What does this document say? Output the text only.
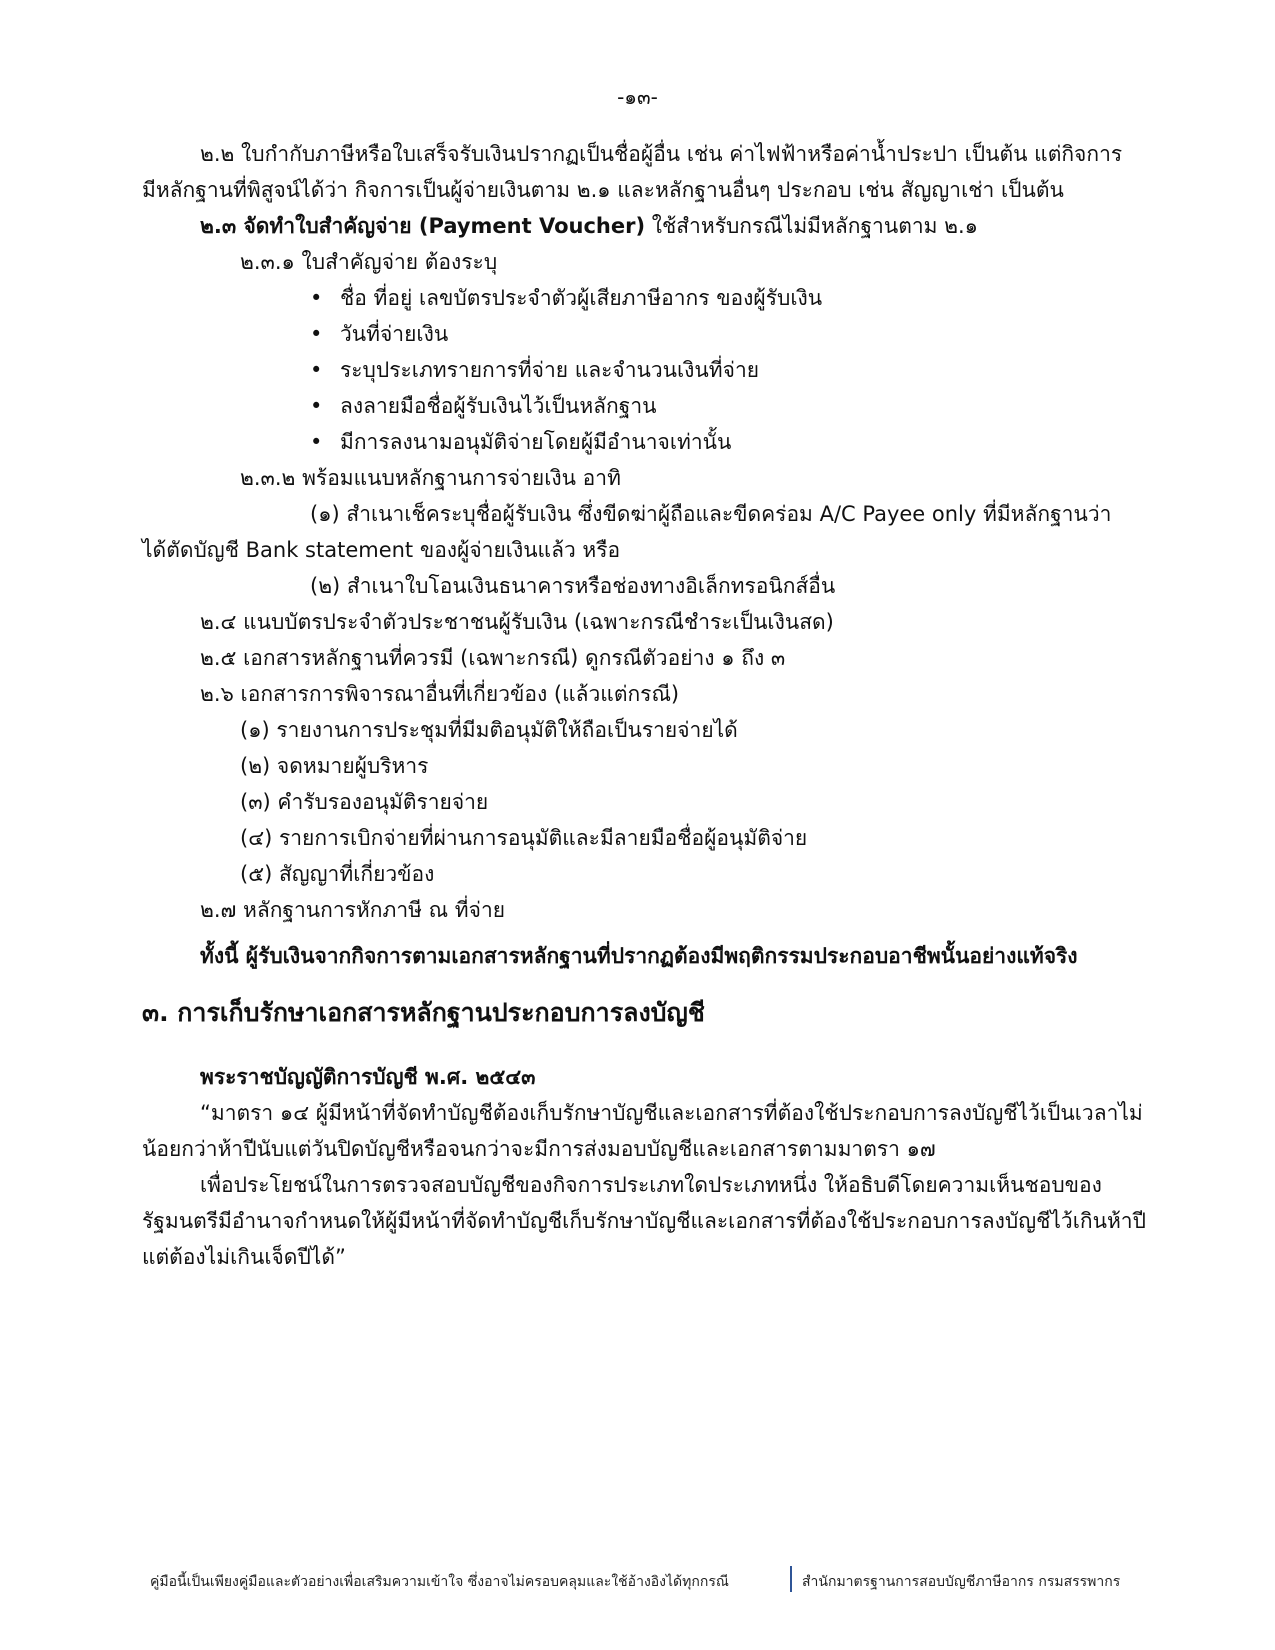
-๑๓-
๒.๒ ใบกำกับภาษีหรือใบเสร็จรับเงินปรากฏเป็นชื่อผู้อื่น เช่น ค่าไฟฟ้าหรือค่าน้ำประปา เป็นต้น แต่กิจการ
มีหลักฐานที่พิสูจน์ได้ว่า กิจการเป็นผู้จ่ายเงินตาม ๒.๑ และหลักฐานอื่นๆ ประกอบ เช่น สัญญาเช่า เป็นต้น
๒.๓ จัดทำใบสำคัญจ่าย (Payment Voucher) ใช้สำหรับกรณีไม่มีหลักฐานตาม ๒.๑
๒.๓.๑ ใบสำคัญจ่าย ต้องระบุ
• ชื่อ ที่อยู่ เลขบัตรประจำตัวผู้เสียภาษีอากร ของผู้รับเงิน
• วันที่จ่ายเงิน
• ระบุประเภทรายการที่จ่าย และจำนวนเงินที่จ่าย
• ลงลายมือชื่อผู้รับเงินไว้เป็นหลักฐาน
• มีการลงนามอนุมัติจ่ายโดยผู้มีอำนาจเท่านั้น
๒.๓.๒ พร้อมแนบหลักฐานการจ่ายเงิน อาทิ
(๑) สำเนาเช็คระบุชื่อผู้รับเงิน ซึ่งขีดฆ่าผู้ถือและขีดคร่อม A/C Payee only ที่มีหลักฐานว่า
ได้ตัดบัญชี Bank statement ของผู้จ่ายเงินแล้ว หรือ
(๒) สำเนาใบโอนเงินธนาคารหรือช่องทางอิเล็กทรอนิกส์อื่น
๒.๔ แนบบัตรประจำตัวประชาชนผู้รับเงิน (เฉพาะกรณีชำระเป็นเงินสด)
๒.๕ เอกสารหลักฐานที่ควรมี (เฉพาะกรณี) ดูกรณีตัวอย่าง ๑ ถึง ๓
๒.๖ เอกสารการพิจารณาอื่นที่เกี่ยวข้อง (แล้วแต่กรณี)
(๑) รายงานการประชุมที่มีมติอนุมัติให้ถือเป็นรายจ่ายได้
(๒) จดหมายผู้บริหาร
(๓) คำรับรองอนุมัติรายจ่าย
(๔) รายการเบิกจ่ายที่ผ่านการอนุมัติและมีลายมือชื่อผู้อนุมัติจ่าย
(๕) สัญญาที่เกี่ยวข้อง
๒.๗ หลักฐานการหักภาษี ณ ที่จ่าย
ทั้งนี้ ผู้รับเงินจากกิจการตามเอกสารหลักฐานที่ปรากฏต้องมีพฤติกรรมประกอบอาชีพนั้นอย่างแท้จริง
๓. การเก็บรักษาเอกสารหลักฐานประกอบการลงบัญชี
พระราชบัญญัติการบัญชี พ.ศ. ๒๕๔๓
“มาตรา ๑๔ ผู้มีหน้าที่จัดทำบัญชีต้องเก็บรักษาบัญชีและเอกสารที่ต้องใช้ประกอบการลงบัญชีไว้เป็นเวลาไม่
น้อยกว่าห้าปีนับแต่วันปิดบัญชีหรือจนกว่าจะมีการส่งมอบบัญชีและเอกสารตามมาตรา ๑๗
เพื่อประโยชน์ในการตรวจสอบบัญชีของกิจการประเภทใดประเภทหนึ่ง ให้อธิบดีโดยความเห็นชอบของ
รัฐมนตรีมีอำนาจกำหนดให้ผู้มีหน้าที่จัดทำบัญชีเก็บรักษาบัญชีและเอกสารที่ต้องใช้ประกอบการลงบัญชีไว้เกินห้าปี
แต่ต้องไม่เกินเจ็ดปีได้”
คู่มือนี้เป็นเพียงคู่มือและตัวอย่างเพื่อเสริมความเข้าใจ ซึ่งอาจไม่ครอบคลุมและใช้อ้างอิงได้ทุกกรณี	สำนักมาตรฐานการสอบบัญชีภาษีอากร กรมสรรพากร
